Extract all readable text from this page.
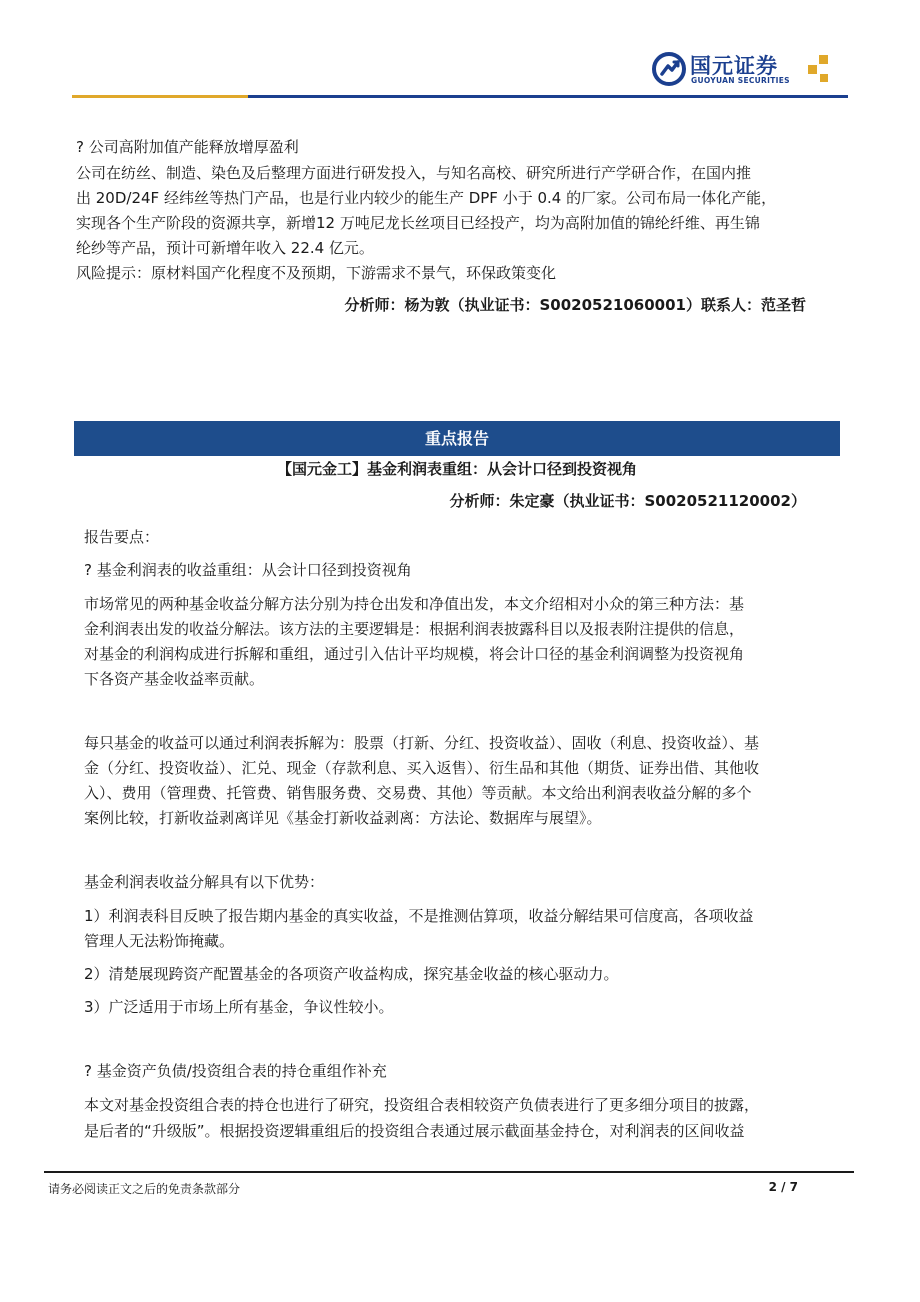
国元证券
GUOYUAN SECURITIES
? 公司高附加值产能释放增厚盈利
公司在纺丝、制造、染色及后整理方面进行研发投入，与知名高校、研究所进行产学研合作，在国内推
出 20D/24F 经纬丝等热门产品，也是行业内较少的能生产 DPF 小于 0.4 的厂家。公司布局一体化产能，
实现各个生产阶段的资源共享，新增12 万吨尼龙长丝项目已经投产，均为高附加值的锦纶纤维、再生锦
纶纱等产品，预计可新增年收入 22.4 亿元。
风险提示：原材料国产化程度不及预期，下游需求不景气，环保政策变化
分析师：杨为敦（执业证书：S0020521060001）联系人：范圣哲
重点报告
【国元金工】基金利润表重组：从会计口径到投资视角
分析师：朱定豪（执业证书：S0020521120002）
报告要点：
? 基金利润表的收益重组：从会计口径到投资视角
市场常见的两种基金收益分解方法分别为持仓出发和净值出发，本文介绍相对小众的第三种方法：基
金利润表出发的收益分解法。该方法的主要逻辑是：根据利润表披露科目以及报表附注提供的信息，
对基金的利润构成进行拆解和重组，通过引入估计平均规模，将会计口径的基金利润调整为投资视角
下各资产基金收益率贡献。
每只基金的收益可以通过利润表拆解为：股票（打新、分红、投资收益）、固收（利息、投资收益）、基
金（分红、投资收益）、汇兑、现金（存款利息、买入返售）、衍生品和其他（期货、证券出借、其他收
入）、费用（管理费、托管费、销售服务费、交易费、其他）等贡献。本文给出利润表收益分解的多个
案例比较，打新收益剥离详见《基金打新收益剥离：方法论、数据库与展望》。
基金利润表收益分解具有以下优势：
1）利润表科目反映了报告期内基金的真实收益，不是推测估算项，收益分解结果可信度高，各项收益
管理人无法粉饰掩藏。
2）清楚展现跨资产配置基金的各项资产收益构成，探究基金收益的核心驱动力。
3）广泛适用于市场上所有基金，争议性较小。
? 基金资产负债/投资组合表的持仓重组作补充
本文对基金投资组合表的持仓也进行了研究，投资组合表相较资产负债表进行了更多细分项目的披露，
是后者的“升级版”。根据投资逻辑重组后的投资组合表通过展示截面基金持仓，对利润表的区间收益
请务必阅读正文之后的免责条款部分	2 / 7
